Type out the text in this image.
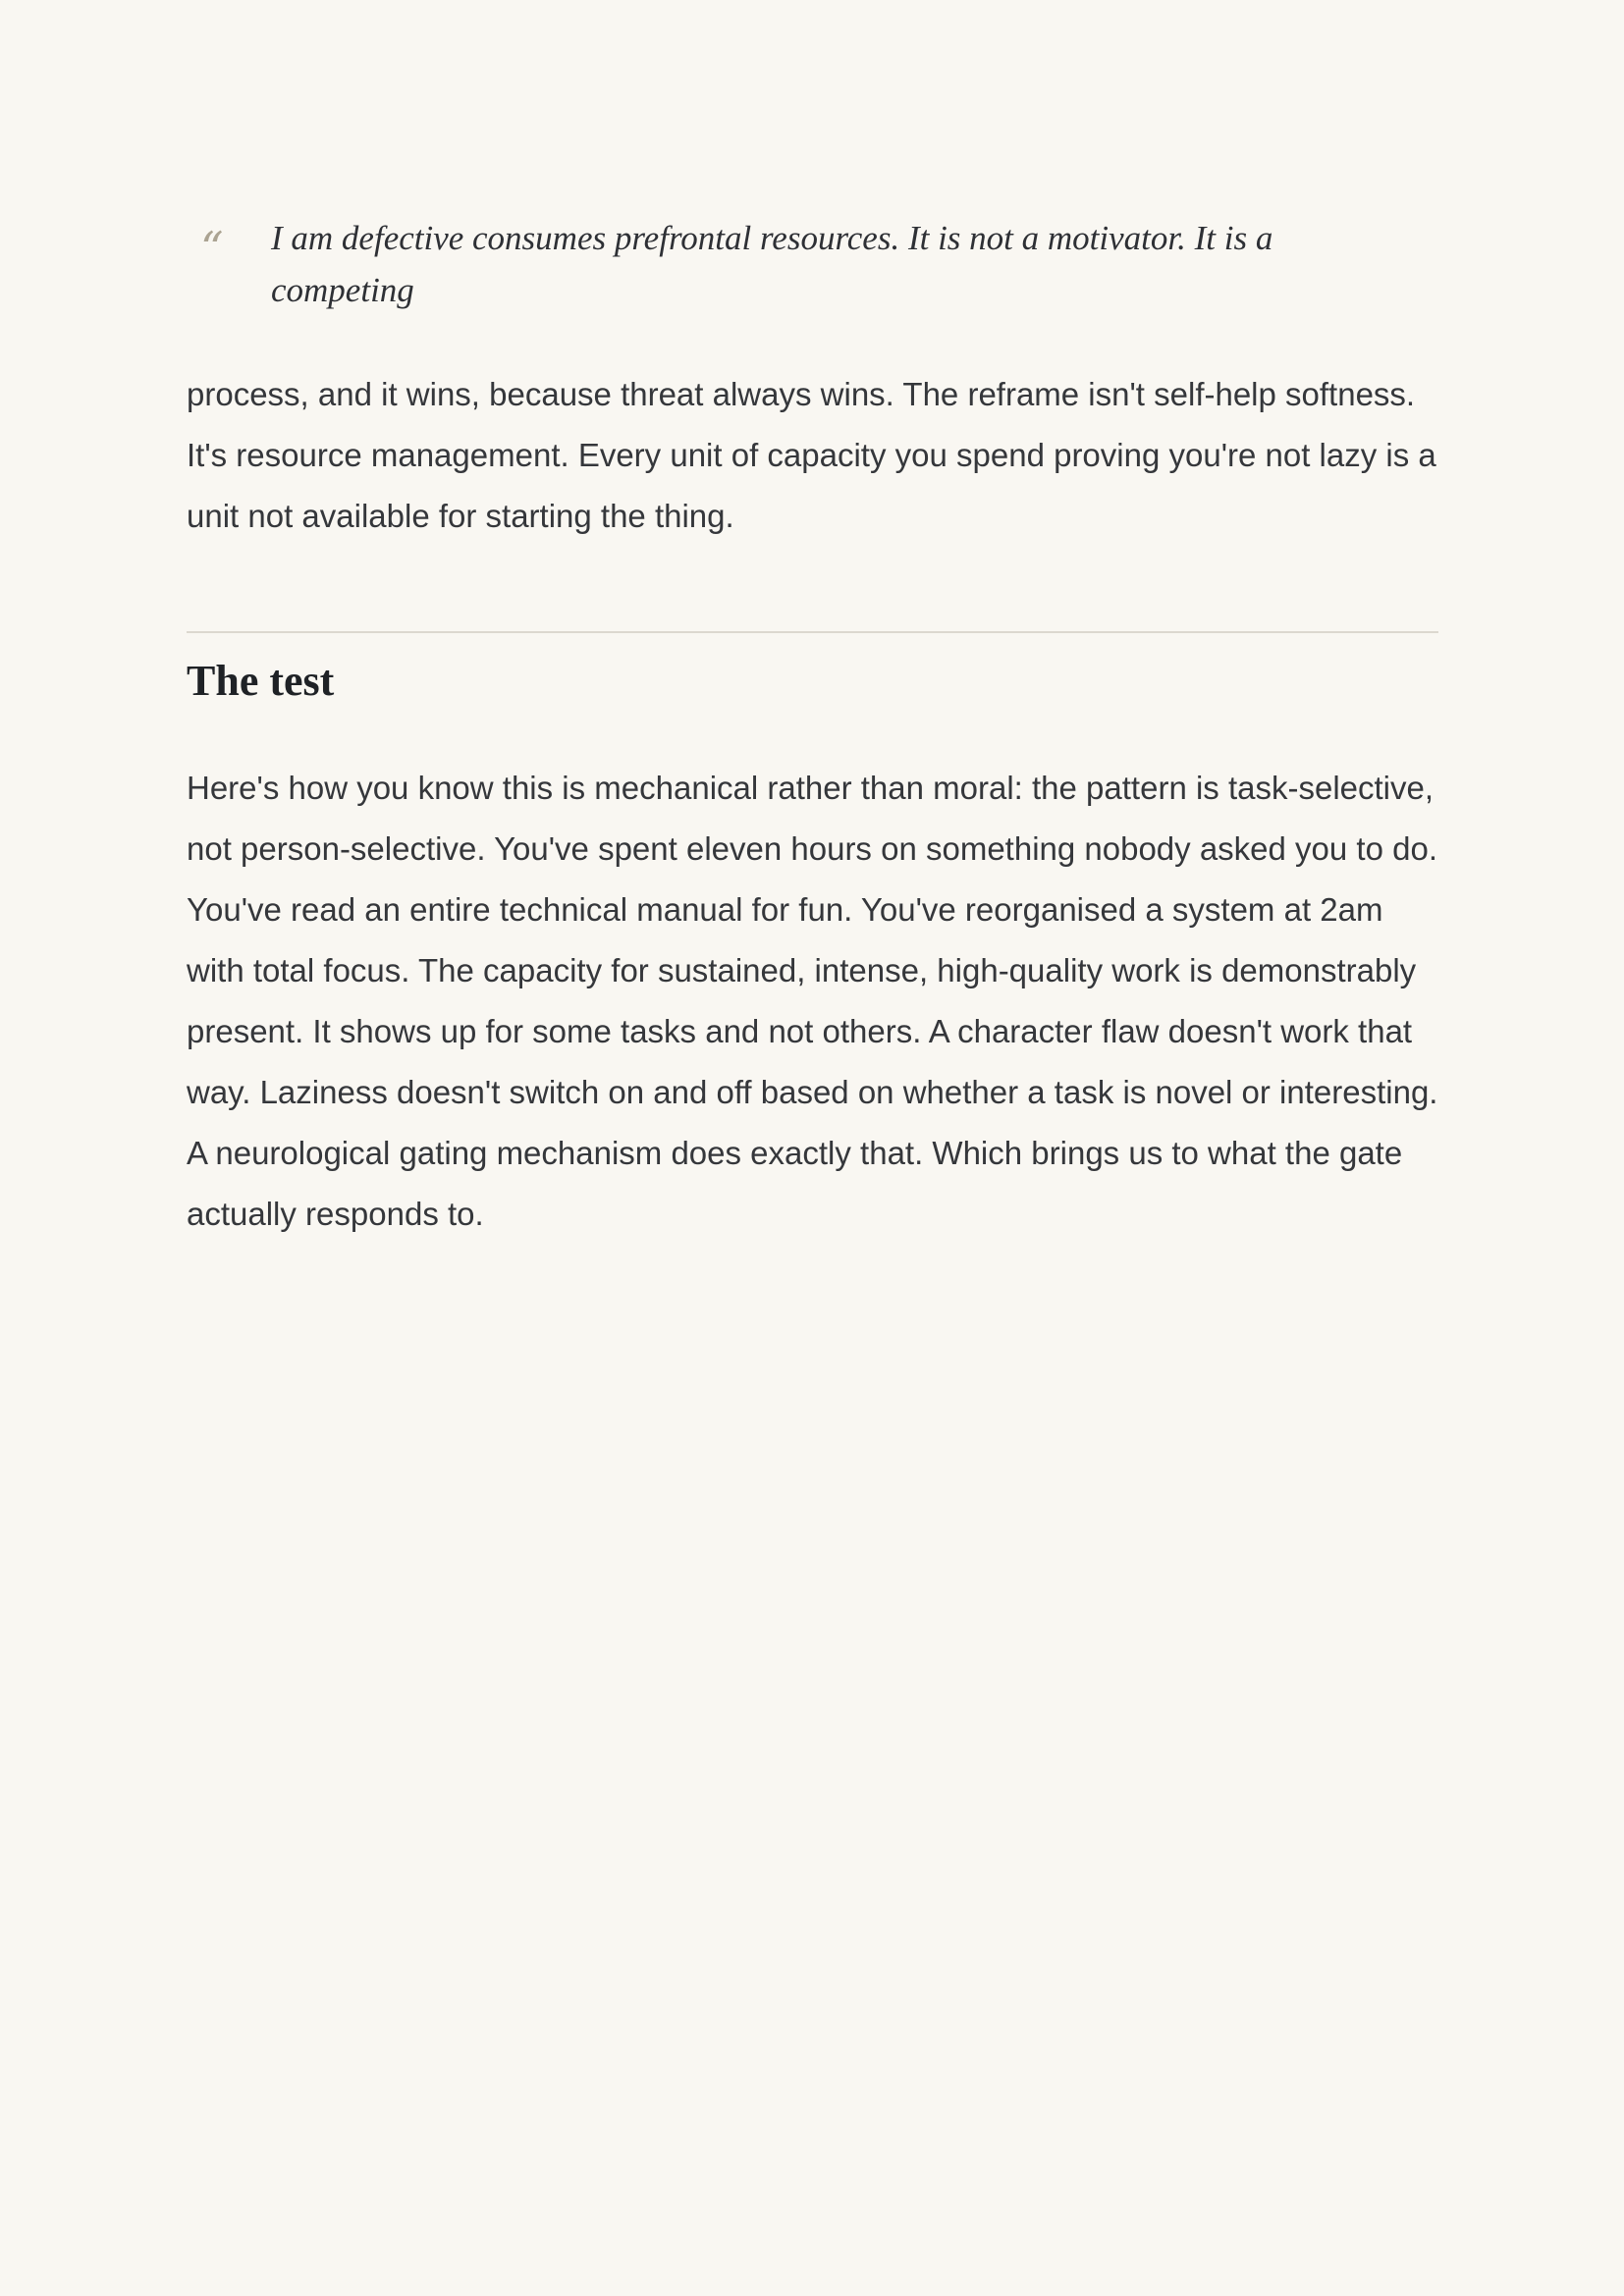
“ I am defective consumes prefrontal resources. It is not a motivator. It is a competing

process, and it wins, because threat always wins. The reframe isn't self-help softness. It's resource management. Every unit of capacity you spend proving you're not lazy is a unit not available for starting the thing.

The test

Here's how you know this is mechanical rather than moral: the pattern is task-selective, not person-selective. You've spent eleven hours on something nobody asked you to do. You've read an entire technical manual for fun. You've reorganised a system at 2am with total focus. The capacity for sustained, intense, high-quality work is demonstrably present. It shows up for some tasks and not others. A character flaw doesn't work that way. Laziness doesn't switch on and off based on whether a task is novel or interesting. A neurological gating mechanism does exactly that. Which brings us to what the gate actually responds to.
